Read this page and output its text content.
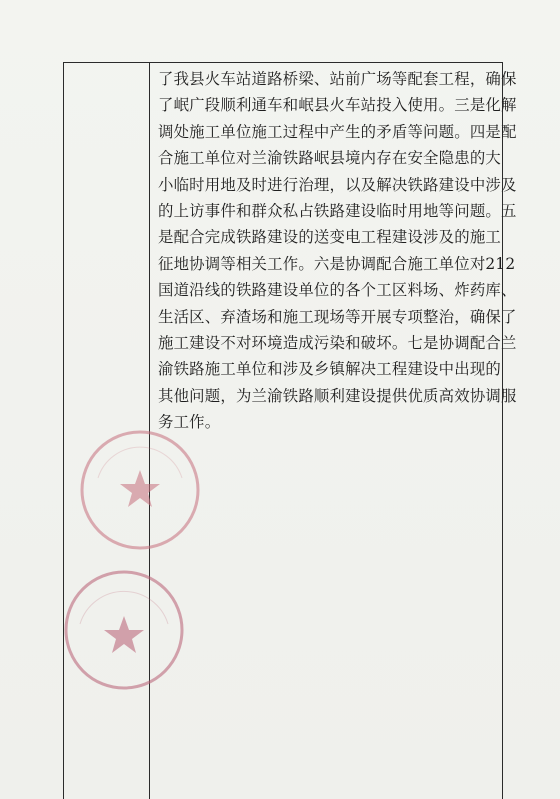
了我县火车站道路桥梁、站前广场等配套工程，确保
了岷广段顺利通车和岷县火车站投入使用。三是化解
调处施工单位施工过程中产生的矛盾等问题。四是配
合施工单位对兰渝铁路岷县境内存在安全隐患的大
小临时用地及时进行治理，以及解决铁路建设中涉及
的上访事件和群众私占铁路建设临时用地等问题。五
是配合完成铁路建设的送变电工程建设涉及的施工
征地协调等相关工作。六是协调配合施工单位对212
国道沿线的铁路建设单位的各个工区料场、炸药库、
生活区、弃渣场和施工现场等开展专项整治，确保了
施工建设不对环境造成污染和破坏。七是协调配合兰
渝铁路施工单位和涉及乡镇解决工程建设中出现的
其他问题，为兰渝铁路顺利建设提供优质高效协调服
务工作。
